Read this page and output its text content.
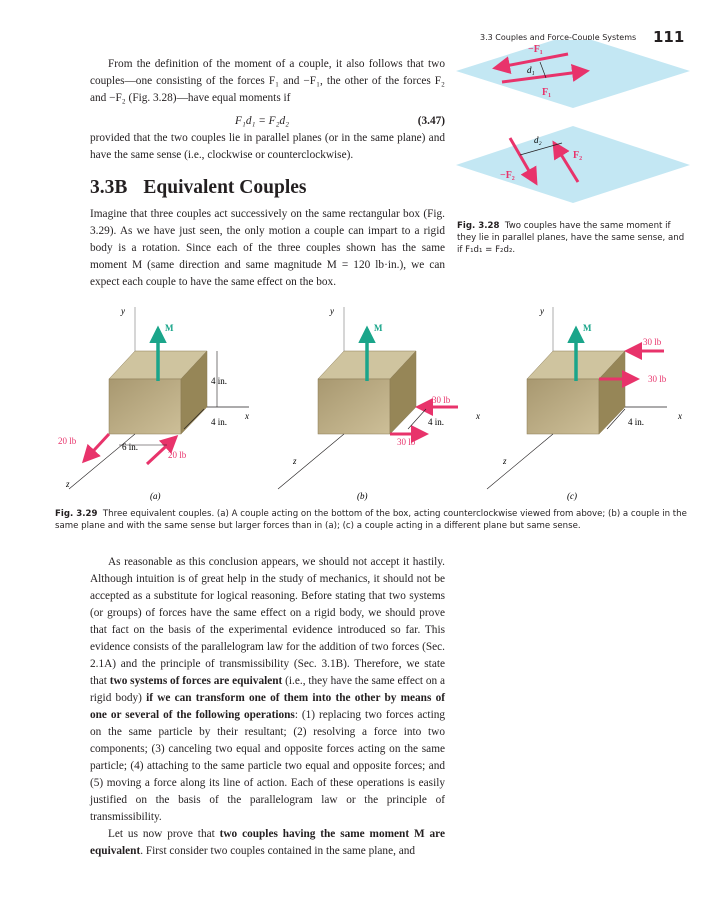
3.3 Couples and Force-Couple Systems 111
−F₁
d₁
F₁
d₂
F₂
−F₂
Fig. 3.28 Two couples have the same moment if they lie in parallel planes, have the same sense, and if F₁d₁ = F₂d₂.
From the definition of the moment of a couple, it also follows that two couples—one consisting of the forces F₁ and −F₁, the other of the forces F₂ and −F₂ (Fig. 3.28)—have equal moments if
F₁d₁ = F₂d₂	(3.47)
provided that the two couples lie in parallel planes (or in the same plane) and have the same sense (i.e., clockwise or counterclockwise).
3.3B Equivalent Couples
Imagine that three couples act successively on the same rectangular box (Fig. 3.29). As we have just seen, the only motion a couple can impart to a rigid body is a rotation. Since each of the three couples shown has the same moment M (same direction and same magnitude M = 120 lb·in.), we can expect each couple to have the same effect on the box.
y
M
4 in.
4 in.
6 in.
20 lb
20 lb
x
z
y
M
30 lb
30 lb
4 in.
x
z
y
M
30 lb
30 lb
4 in.
x
z
(a)	(b)	(c)
Fig. 3.29 Three equivalent couples. (a) A couple acting on the bottom of the box, acting counterclockwise viewed from above; (b) a couple in the same plane and with the same sense but larger forces than in (a); (c) a couple acting in a different plane but same sense.
As reasonable as this conclusion appears, we should not accept it hastily. Although intuition is of great help in the study of mechanics, it should not be accepted as a substitute for logical reasoning. Before stating that two systems (or groups) of forces have the same effect on a rigid body, we should prove that fact on the basis of the experimental evidence introduced so far. This evidence consists of the parallelogram law for the addition of two forces (Sec. 2.1A) and the principle of transmissibility (Sec. 3.1B). Therefore, we state that two systems of forces are equivalent (i.e., they have the same effect on a rigid body) if we can transform one of them into the other by means of one or several of the following operations: (1) replacing two forces acting on the same particle by their resultant; (2) resolving a force into two components; (3) canceling two equal and opposite forces acting on the same particle; (4) attaching to the same particle two equal and opposite forces; and (5) moving a force along its line of action. Each of these operations is easily justified on the basis of the parallelogram law or the principle of transmissibility.
Let us now prove that two couples having the same moment M are equivalent. First consider two couples contained in the same plane, and
